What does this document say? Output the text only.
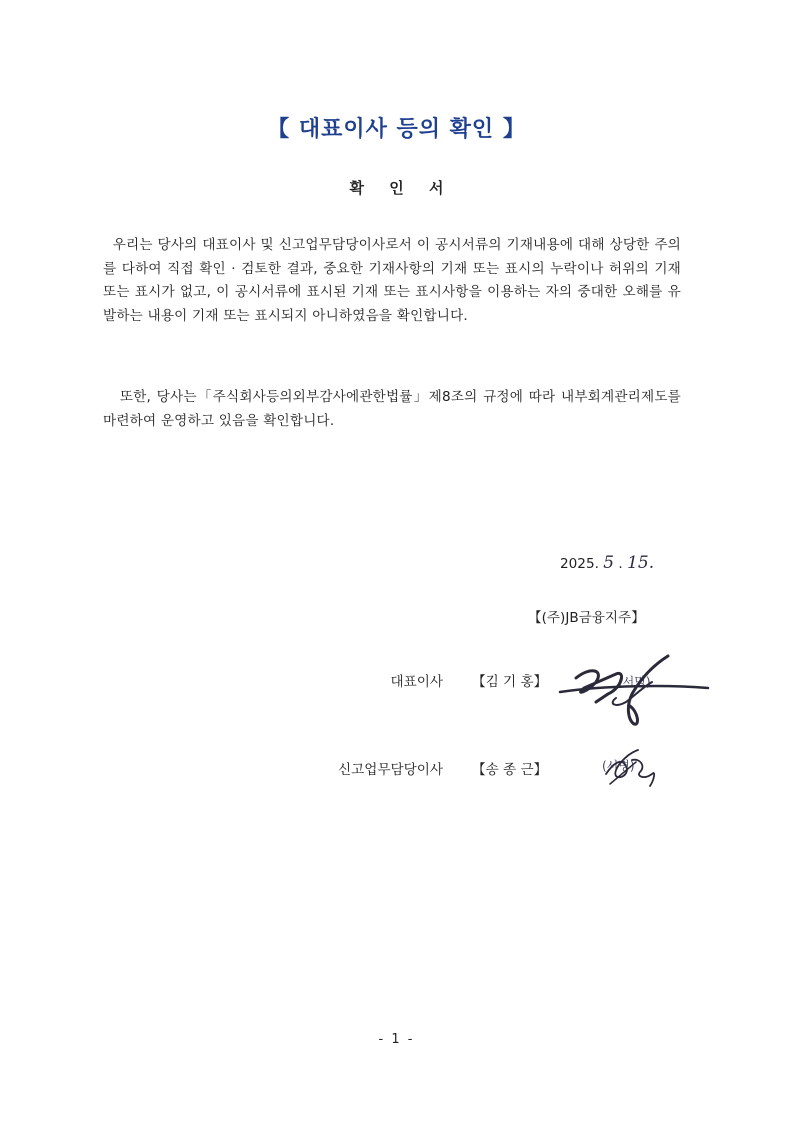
【 대표이사 등의 확인 】
확 인 서

우리는 당사의 대표이사 및 신고업무담당이사로서 이 공시서류의 기재내용에 대해 상당한 주의를 다하여 직접 확인 · 검토한 결과, 중요한 기재사항의 기재 또는 표시의 누락이나 허위의 기재 또는 표시가 없고, 이 공시서류에 표시된 기재 또는 표시사항을 이용하는 자의 중대한 오해를 유발하는 내용이 기재 또는 표시되지 아니하였음을 확인합니다.

또한, 당사는「주식회사등의외부감사에관한법률」제8조의 규정에 따라 내부회계관리제도를 마련하여 운영하고 있음을 확인합니다.

2025. 5 . 15.
【(주)JB금융지주】
대표이사 【김 기 홍】	(서명)
신고업무담당이사 【송 종 근】	(서명)
- 1 -
